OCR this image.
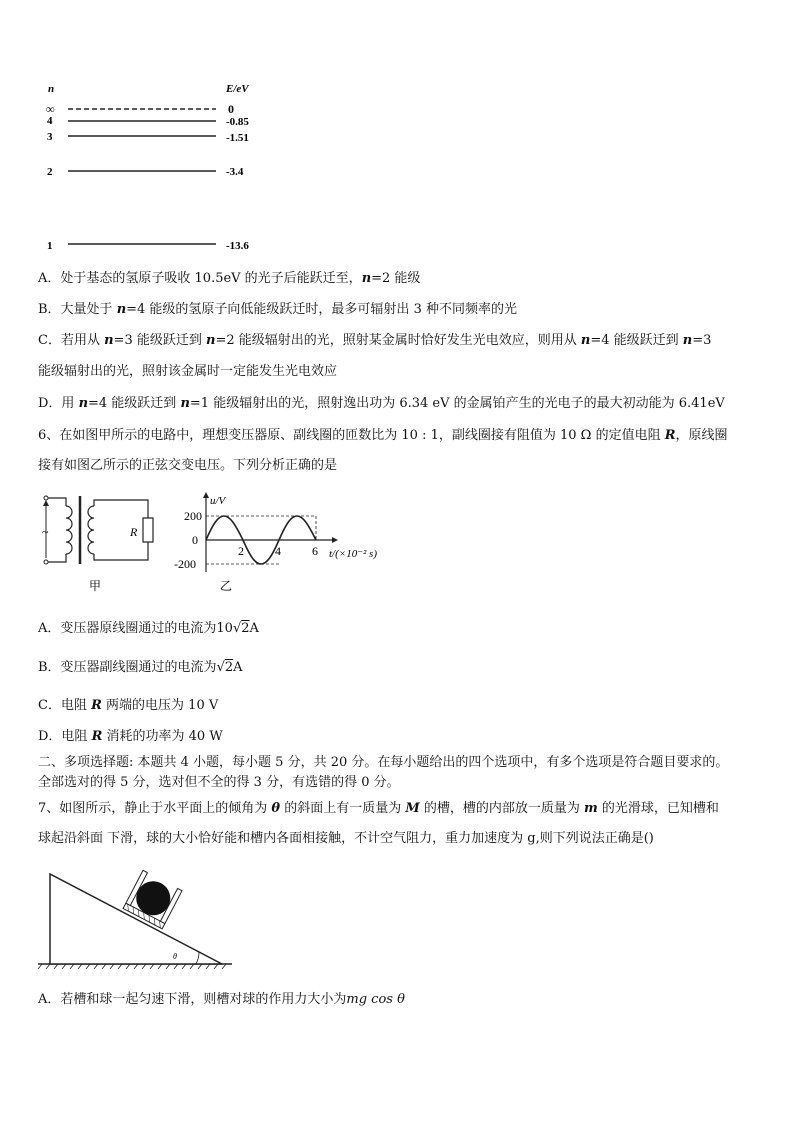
n	E/eV
∞	0
4	-0.85
3	-1.51
2	-3.4
1	-13.6
A．处于基态的氢原子吸收 10.5eV 的光子后能跃迁至，n=2 能级
B．大量处于 n=4 能级的氢原子向低能级跃迁时，最多可辐射出 3 种不同频率的光
C．若用从 n=3 能级跃迁到 n=2 能级辐射出的光，照射某金属时恰好发生光电效应，则用从 n=4 能级跃迁到 n=3
能级辐射出的光，照射该金属时一定能发生光电效应
D．用 n=4 能级跃迁到 n=1 能级辐射出的光，照射逸出功为 6.34 eV 的金属铂产生的光电子的最大初动能为 6.41eV
6、在如图甲所示的电路中，理想变压器原、副线圈的匝数比为 10 : 1，副线圈接有阻值为 10 Ω 的定值电阻 R，原线圈
接有如图乙所示的正弦交变电压。下列分析正确的是
~	R
甲
u/V
200
0
-200
2	4	6 t/(×10⁻² s)
乙
A．变压器原线圈通过的电流为10√2A
B．变压器副线圈通过的电流为√2A
C．电阻 R 两端的电压为 10 V
D．电阻 R 消耗的功率为 40 W
二、多项选择题: 本题共 4 小题，每小题 5 分，共 20 分。在每小题给出的四个选项中，有多个选项是符合题目要求的。
全部选对的得 5 分，选对但不全的得 3 分，有选错的得 0 分。
7、如图所示，静止于水平面上的倾角为 θ 的斜面上有一质量为 M 的槽，槽的内部放一质量为 m 的光滑球，已知槽和
球起沿斜面 下滑，球的大小恰好能和槽内各面相接触，不计空气阻力，重力加速度为 g,则下列说法正确是()
θ
A．若槽和球一起匀速下滑，则槽对球的作用力大小为mg cos θ
